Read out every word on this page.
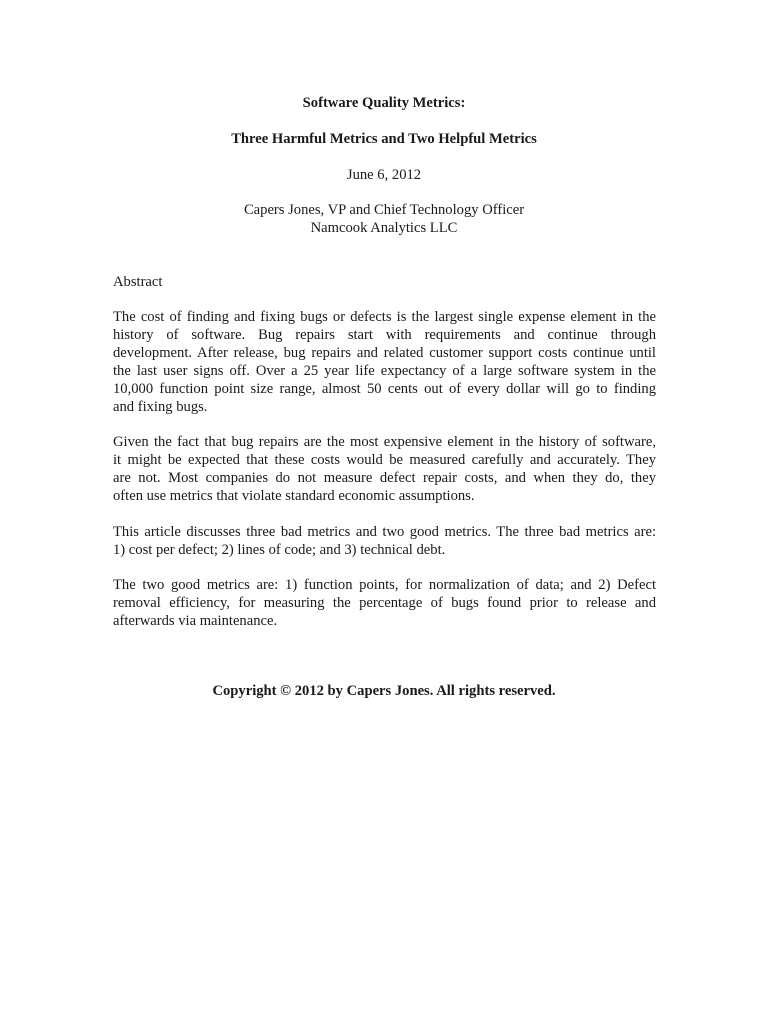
Software Quality Metrics:
Three Harmful Metrics and Two Helpful Metrics
June 6, 2012
Capers Jones, VP and Chief Technology Officer
Namcook Analytics LLC
Abstract
The cost of finding and fixing bugs or defects is the largest single expense element in the
history of software. Bug repairs start with requirements and continue through
development. After release, bug repairs and related customer support costs continue until
the last user signs off. Over a 25 year life expectancy of a large software system in the
10,000 function point size range, almost 50 cents out of every dollar will go to finding
and fixing bugs.
Given the fact that bug repairs are the most expensive element in the history of software,
it might be expected that these costs would be measured carefully and accurately. They
are not. Most companies do not measure defect repair costs, and when they do, they
often use metrics that violate standard economic assumptions.
This article discusses three bad metrics and two good metrics. The three bad metrics are:
1) cost per defect; 2) lines of code; and 3) technical debt.
The two good metrics are: 1) function points, for normalization of data; and 2) Defect
removal efficiency, for measuring the percentage of bugs found prior to release and
afterwards via maintenance.
Copyright © 2012 by Capers Jones. All rights reserved.
